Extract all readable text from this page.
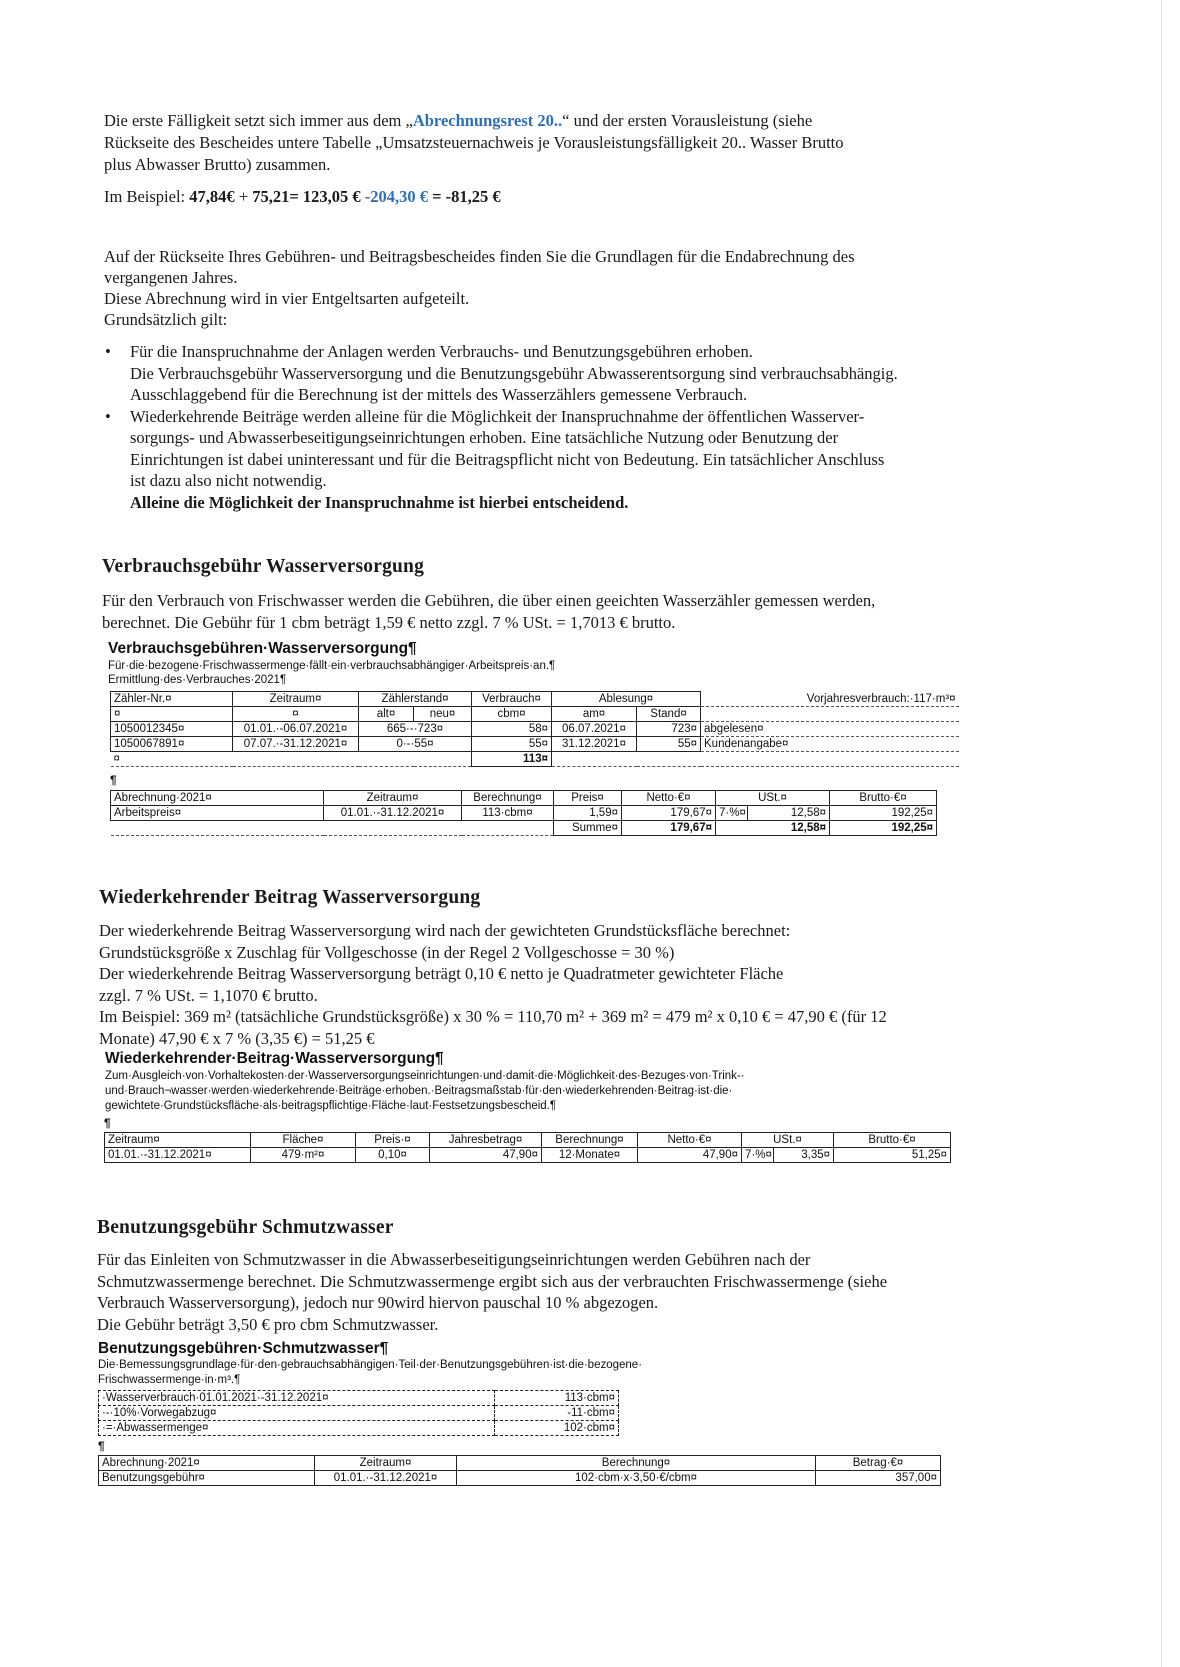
Die erste Fälligkeit setzt sich immer aus dem „Abrechnungsrest 20..“ und der ersten Vorausleistung (siehe

Rückseite des Bescheides untere Tabelle „Umsatzsteuernachweis je Vorausleistungsfälligkeit 20.. Wasser Brutto

plus Abwasser Brutto) zusammen.

Im Beispiel: 47,84€ + 75,21= 123,05 € -204,30 € = -81,25 €

Auf der Rückseite Ihres Gebühren- und Beitragsbescheides finden Sie die Grundlagen für die Endabrechnung des

vergangenen Jahres.

Diese Abrechnung wird in vier Entgeltsarten aufgeteilt.

Grundsätzlich gilt:

• Für die Inanspruchnahme der Anlagen werden Verbrauchs- und Benutzungsgebühren erhoben.
Die Verbrauchsgebühr Wasserversorgung und die Benutzungsgebühr Abwasserentsorgung sind verbrauchsabhängig.
Ausschlaggebend für die Berechnung ist der mittels des Wasserzählers gemessene Verbrauch.
• Wiederkehrende Beiträge werden alleine für die Möglichkeit der Inanspruchnahme der öffentlichen Wasserver-
sorgungs- und Abwasserbeseitigungseinrichtungen erhoben. Eine tatsächliche Nutzung oder Benutzung der
Einrichtungen ist dabei uninteressant und für die Beitragspflicht nicht von Bedeutung. Ein tatsächlicher Anschluss
ist dazu also nicht notwendig.
Alleine die Möglichkeit der Inanspruchnahme ist hierbei entscheidend.
Verbrauchsgebühr Wasserversorgung

Für den Verbrauch von Frischwasser werden die Gebühren, die über einen geeichten Wasserzähler gemessen werden,

berechnet. Die Gebühr für 1 cbm beträgt 1,59 € netto zzgl. 7 % USt. = 1,7013 € brutto.

Verbrauchsgebühren·Wasserversorgung¶

Für·die·bezogene·Frischwassermenge·fällt·ein·verbrauchsabhängiger·Arbeitspreis·an.¶

Ermittlung·des·Verbrauches·2021¶

Zähler-Nr.¤	Zeitraum¤	Zählerstand¤		Verbrauch¤	Ablesung¤		Vorjahresverbrauch:·117·m³¤
¤	¤	alt¤	neu¤	cbm¤	am¤	Stand¤	
1050012345¤	01.01.·-06.07.2021¤	665·-·723¤		58¤	06.07.2021¤	723¤	abgelesen¤
1050067891¤	07.07.·-31.12.2021¤	0·-·55¤		55¤	31.12.2021¤	55¤	Kundenangabe¤
¤				113¤			
¶
Abrechnung·2021¤	Zeitraum¤	Berechnung¤	Preis¤	Netto·€¤	USt.¤		Brutto·€¤
Arbeitspreis¤	01.01.·-31.12.2021¤	113·cbm¤	1,59¤	179,67¤	7·%¤	12,58¤	192,25¤
			Summe¤	179,67¤	12,58¤		192,25¤
Wiederkehrender Beitrag Wasserversorgung

Der wiederkehrende Beitrag Wasserversorgung wird nach der gewichteten Grundstücksfläche berechnet:

Grundstücksgröße x Zuschlag für Vollgeschosse (in der Regel 2 Vollgeschosse = 30 %)

Der wiederkehrende Beitrag Wasserversorgung beträgt 0,10 € netto je Quadratmeter gewichteter Fläche

zzgl. 7 % USt. = 1,1070 € brutto.

Im Beispiel: 369 m² (tatsächliche Grundstücksgröße) x 30 % = 110,70 m² + 369 m² = 479 m² x 0,10 € = 47,90 € (für 12

Monate) 47,90 € x 7 % (3,35 €) = 51,25 €

Wiederkehrender·Beitrag·Wasserversorgung¶

Zum·Ausgleich·von·Vorhaltekosten·der·Wasserversorgungseinrichtungen·und·damit·die·Möglichkeit·des·Bezuges·von·Trink-·

und·Brauch¬wasser·werden·wiederkehrende·Beiträge·erhoben.·Beitragsmaßstab·für·den·wiederkehrenden·Beitrag·ist·die·

gewichtete·Grundstücksfläche·als·beitragspflichtige·Fläche·laut·Festsetzungsbescheid.¶

¶
Zeitraum¤	Fläche¤	Preis·¤	Jahresbetrag¤	Berechnung¤	Netto·€¤	USt.¤		Brutto·€¤
01.01.·-31.12.2021¤	479·m²¤	0,10¤	47,90¤	12·Monate¤	47,90¤	7·%¤	3,35¤	51,25¤
Benutzungsgebühr Schmutzwasser

Für das Einleiten von Schmutzwasser in die Abwasserbeseitigungseinrichtungen werden Gebühren nach der

Schmutzwassermenge berechnet. Die Schmutzwassermenge ergibt sich aus der verbrauchten Frischwassermenge (siehe

Verbrauch Wasserversorgung), jedoch nur 90wird hiervon pauschal 10 % abgezogen.

Die Gebühr beträgt 3,50 € pro cbm Schmutzwasser.

Benutzungsgebühren·Schmutzwasser¶

Die·Bemessungsgrundlage·für·den·gebrauchsabhängigen·Teil·der·Benutzungsgebühren·ist·die·bezogene·

Frischwassermenge·in·m³.¶

·Wasserverbrauch·01.01.2021·-31.12.2021¤	113·cbm¤
·-·10%·Vorwegabzug¤	-11·cbm¤
·=·Abwassermenge¤	102·cbm¤
¶
Abrechnung·2021¤	Zeitraum¤	Berechnung¤	Betrag·€¤
Benutzungsgebühr¤	01.01.·-31.12.2021¤	102·cbm·x·3,50·€/cbm¤	357,00¤
